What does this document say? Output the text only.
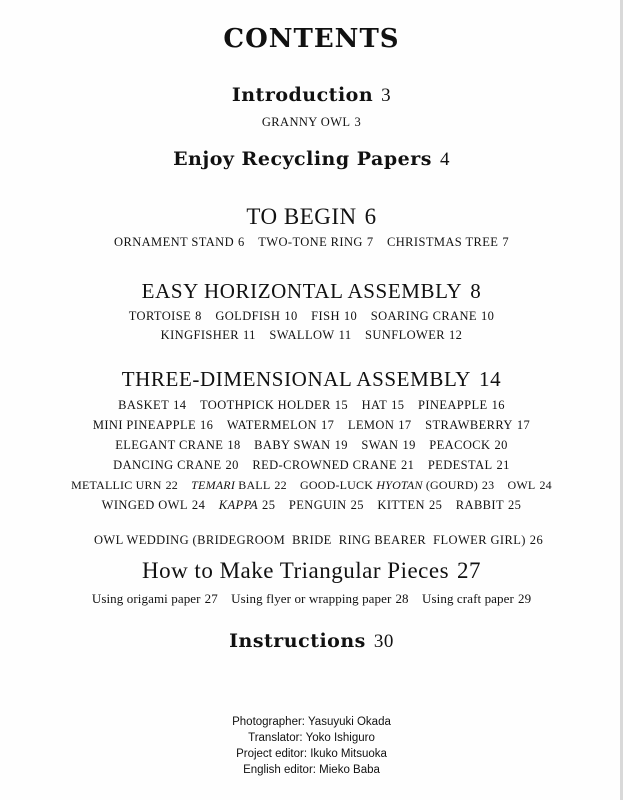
CONTENTS
Introduction 3
GRANNY OWL 3
Enjoy Recycling Papers 4
TO BEGIN 6
ORNAMENT STAND 6 TWO-TONE RING 7 CHRISTMAS TREE 7
EASY HORIZONTAL ASSEMBLY 8
TORTOISE 8 GOLDFISH 10 FISH 10 SOARING CRANE 10
KINGFISHER 11 SWALLOW 11 SUNFLOWER 12
THREE-DIMENSIONAL ASSEMBLY 14
BASKET 14 TOOTHPICK HOLDER 15 HAT 15 PINEAPPLE 16
MINI PINEAPPLE 16 WATERMELON 17 LEMON 17 STRAWBERRY 17
ELEGANT CRANE 18 BABY SWAN 19 SWAN 19 PEACOCK 20
DANCING CRANE 20 RED-CROWNED CRANE 21 PEDESTAL 21
METALLIC URN 22 TEMARI BALL 22 GOOD-LUCK HYOTAN (GOURD) 23 OWL 24
WINGED OWL 24 KAPPA 25 PENGUIN 25 KITTEN 25 RABBIT 25

OWL WEDDING (BRIDEGROOM  BRIDE  RING BEARER  FLOWER GIRL) 26

How to Make Triangular Pieces 27
Using origami paper 27 Using flyer or wrapping paper 28 Using craft paper 29
Instructions 30
Photographer: Yasuyuki Okada
Translator: Yoko Ishiguro
Project editor: Ikuko Mitsuoka
English editor: Mieko Baba
